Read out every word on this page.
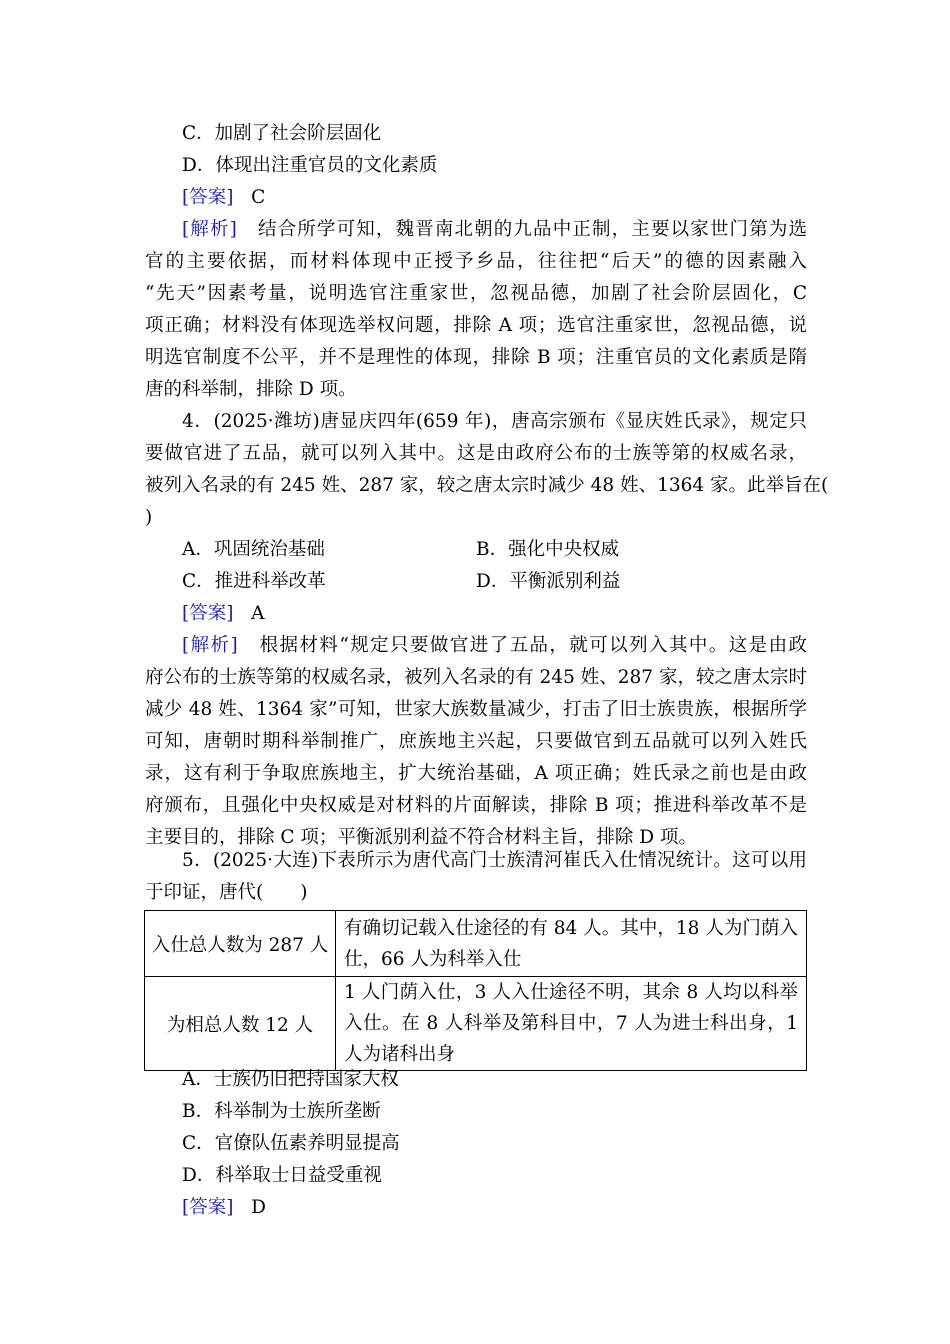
C．加剧了社会阶层固化
D．体现出注重官员的文化素质
[答案] C
[解析] 结合所学可知，魏晋南北朝的九品中正制，主要以家世门第为选
官的主要依据，而材料体现中正授予乡品，往往把“后天”的德的因素融入
“先天”因素考量，说明选官注重家世，忽视品德，加剧了社会阶层固化，C
项正确；材料没有体现选举权问题，排除 A 项；选官注重家世，忽视品德，说
明选官制度不公平，并不是理性的体现，排除 B 项；注重官员的文化素质是隋
唐的科举制，排除 D 项。
4．(2025·潍坊)唐显庆四年(659 年)，唐高宗颁布《显庆姓氏录》，规定只
要做官进了五品，就可以列入其中。这是由政府公布的士族等第的权威名录，
被列入名录的有 245 姓、287 家，较之唐太宗时减少 48 姓、1364 家。此举旨在(
)
A．巩固统治基础	B．强化中央权威
C．推进科举改革	D．平衡派别利益
[答案] A
[解析] 根据材料“规定只要做官进了五品，就可以列入其中。这是由政
府公布的士族等第的权威名录，被列入名录的有 245 姓、287 家，较之唐太宗时
减少 48 姓、1364 家”可知，世家大族数量减少，打击了旧士族贵族，根据所学
可知，唐朝时期科举制推广，庶族地主兴起，只要做官到五品就可以列入姓氏
录，这有利于争取庶族地主，扩大统治基础，A 项正确；姓氏录之前也是由政
府颁布，且强化中央权威是对材料的片面解读，排除 B 项；推进科举改革不是
主要目的，排除 C 项；平衡派别利益不符合材料主旨，排除 D 项。
5．(2025·大连)下表所示为唐代高门士族清河崔氏入仕情况统计。这可以用
于印证，唐代(　　)
入仕总人数为 287 人	有确切记载入仕途径的有 84 人。其中，18 人为门荫入
仕，66 人为科举入仕

为相总人数 12 人	1 人门荫入仕，3 人入仕途径不明，其余 8 人均以科举
入仕。在 8 人科举及第科目中，7 人为进士科出身，1
人为诸科出身
A．士族仍旧把持国家大权
B．科举制为士族所垄断
C．官僚队伍素养明显提高
D．科举取士日益受重视
[答案] D
